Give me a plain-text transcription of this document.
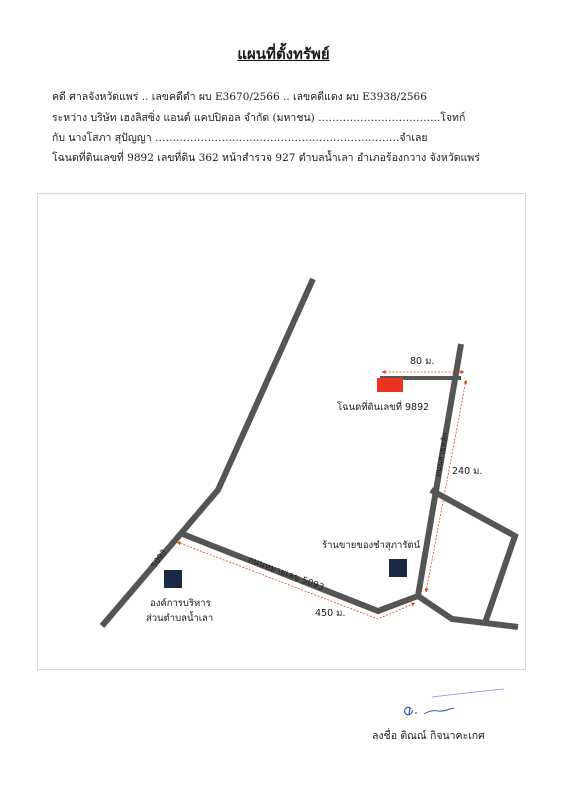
แผนที่ตั้งทรัพย์
คดี ศาลจังหวัดแพร่ .. เลขคดีดำ ผบ E3670/2566 .. เลขคดีแดง ผบ E3938/2566
ระหว่าง บริษัท เฮงลิสซิ่ง แอนด์ แคปปิตอล จำกัด (มหาชน) ……………………………..โจทก์
กับ นางโสภา สุปัญญา ……………………...…………………………………….จำเลย
โฉนดที่ดินเลขที่ 9892 เลขที่ดิน 362 หน้าสำรวจ 927 ตำบลน้ำเลา อำเภอร้องกวาง จังหวัดแพร่
ถนนหมายเลข 5093
5093
ถนนสายหลัก
โฉนดที่ดินเลขที่ 9892
80 ม.
240 ม.
450 ม.
ร้านขายของชำสุภารัตน์
องค์การบริหาร
ส่วนตำบลน้ำเลา
ลงชื่อ ติณณ์ กิจนาคะเกศ
